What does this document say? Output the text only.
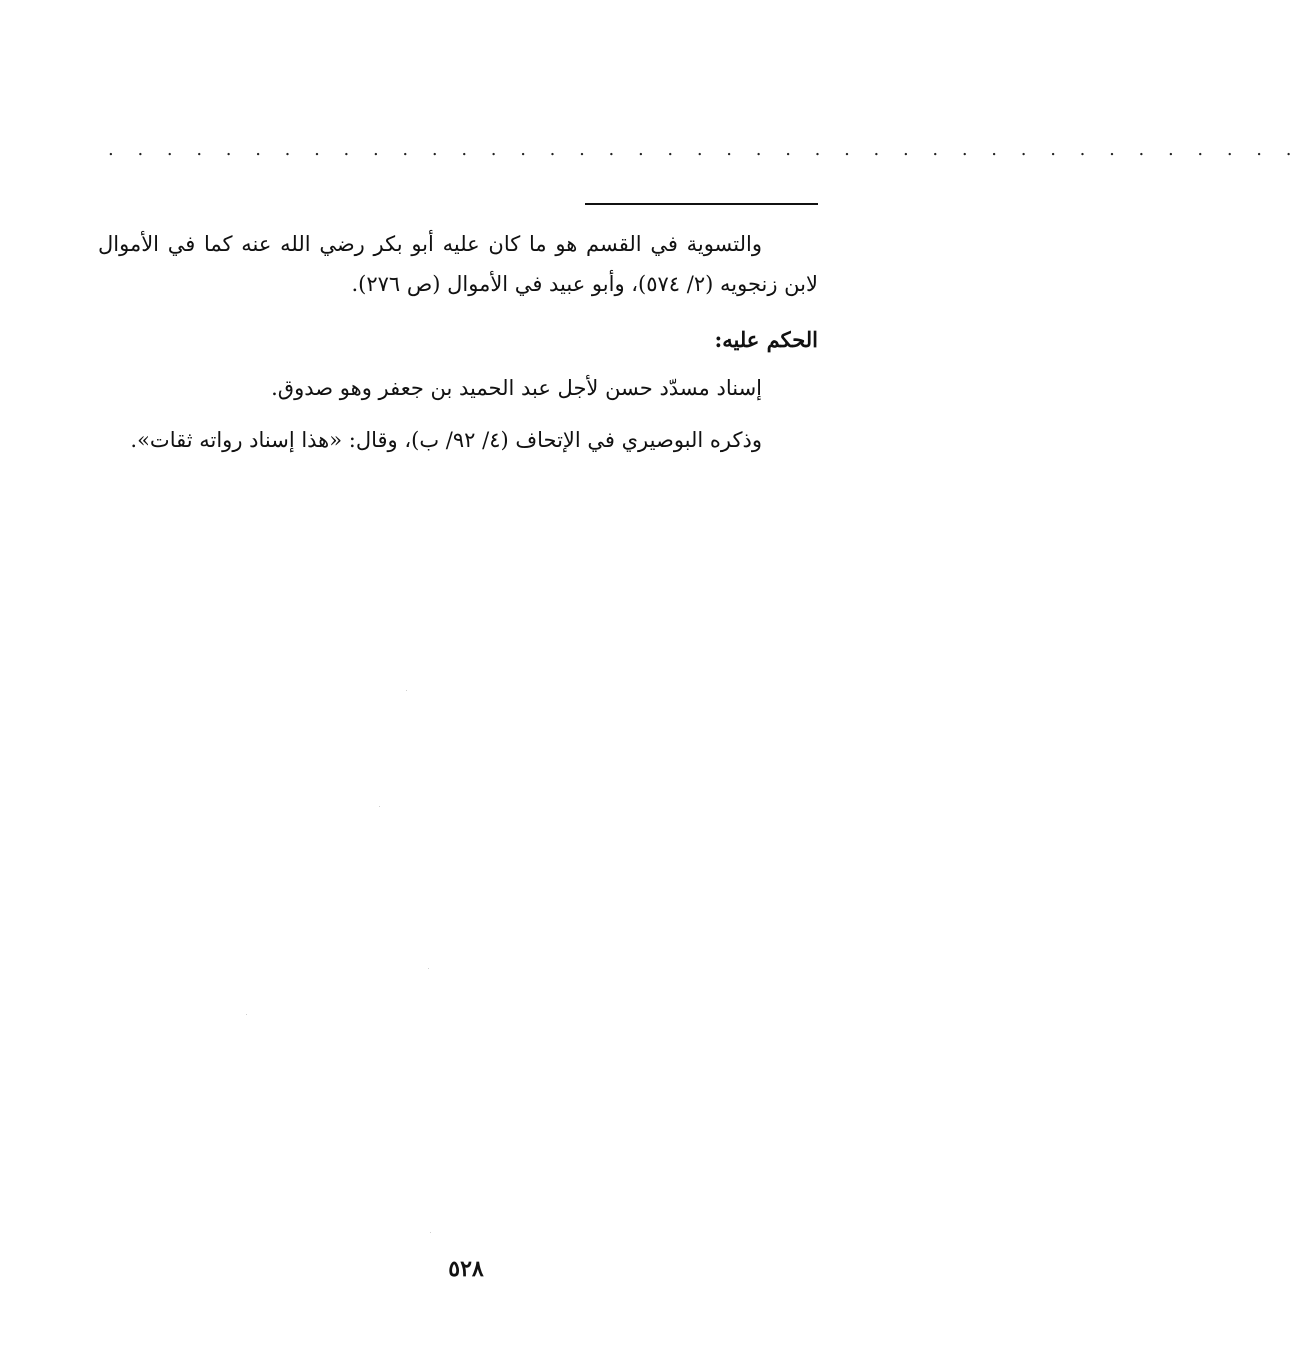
. . . . . . . . . . . . . . . . . . . . . . . . . . . . . . . . . . . . . . . . .

والتسوية في القسم هو ما كان عليه أبو بكر رضي الله عنه كما في الأموال لابن زنجويه (٢/ ٥٧٤)، وأبو عبيد في الأموال (ص ٢٧٦).

الحكم عليه:

إسناد مسدّد حسن لأجل عبد الحميد بن جعفر وهو صدوق.

وذكره البوصيري في الإتحاف (٤/ ٩٢/ ب)، وقال: «هذا إسناد رواته ثقات».

٥٢٨
